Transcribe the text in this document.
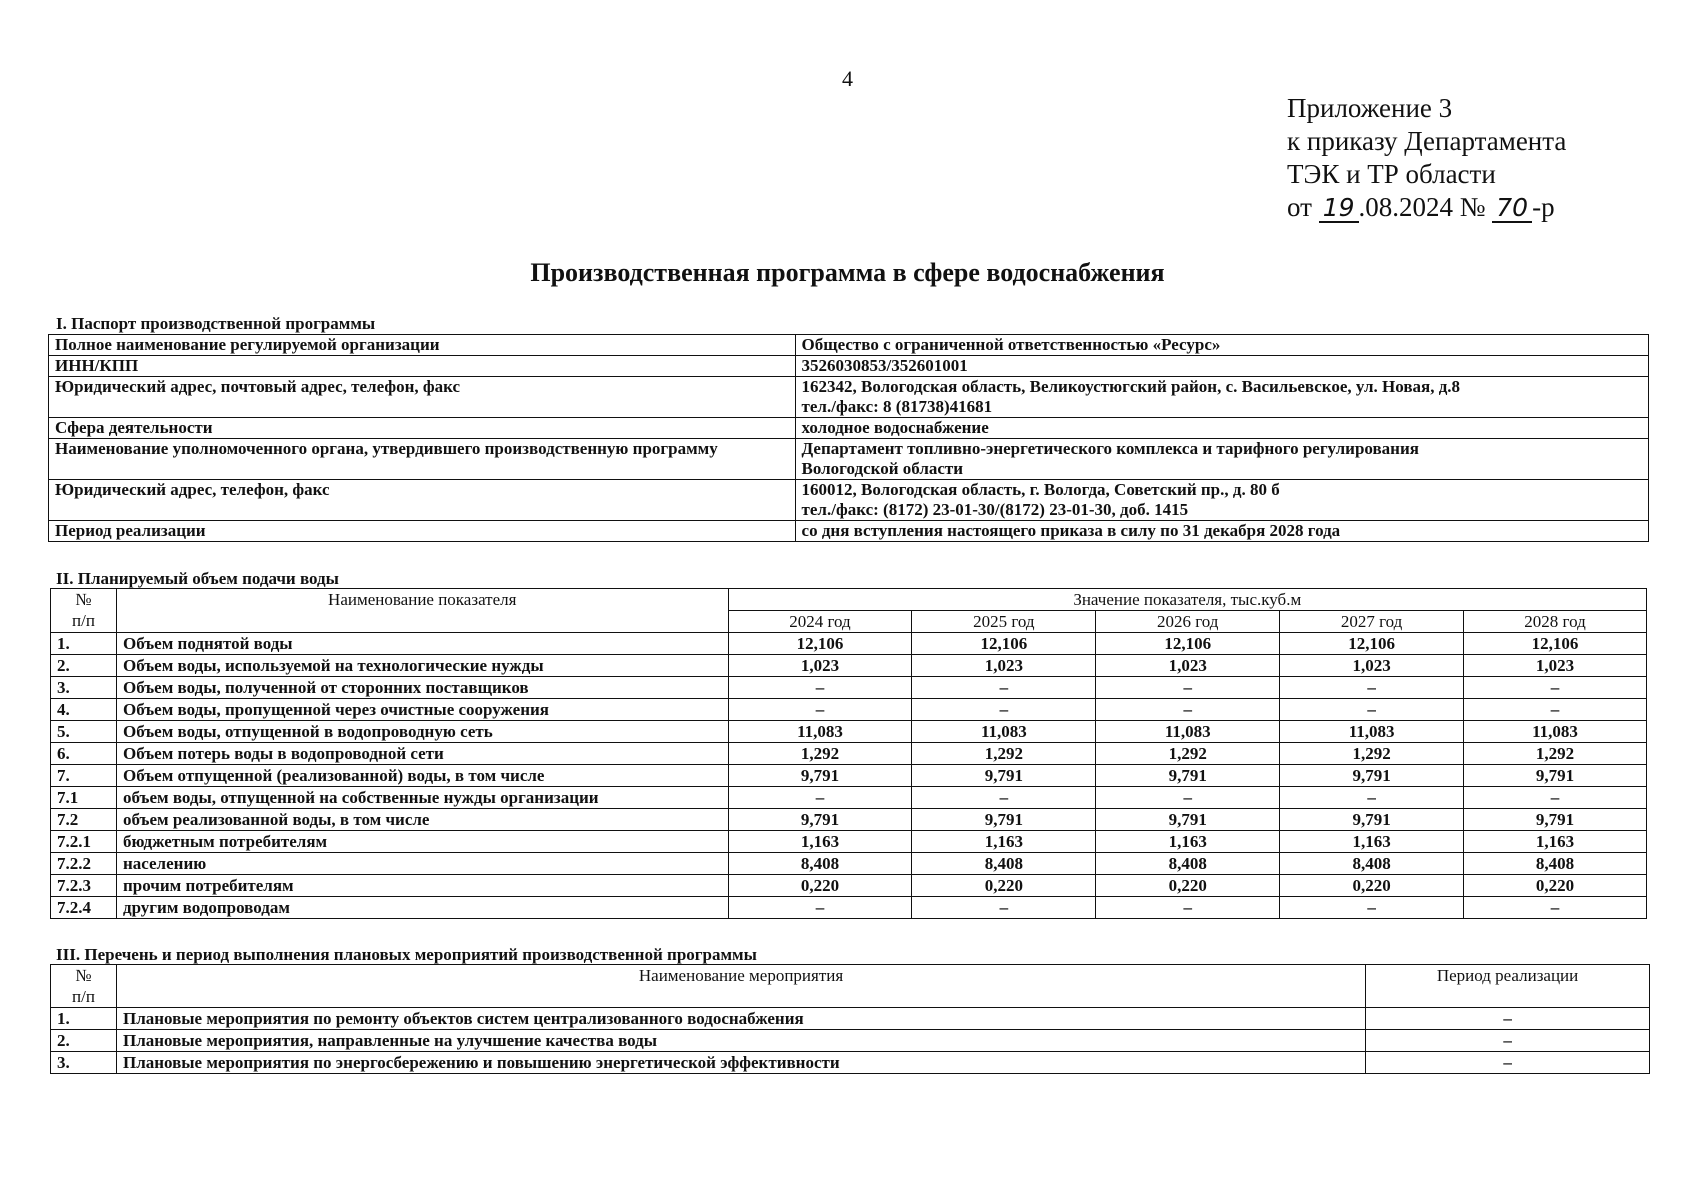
4
Приложение 3
к приказу Департамента
ТЭК и ТР области
от 19 .08.2024 № 70 -р
Производственная программа в сфере водоснабжения
I. Паспорт производственной программы
Полное наименование регулируемой организации	Общество с ограниченной ответственностью «Ресурс»

ИНН/КПП	3526030853/352601001

Юридический адрес, почтовый адрес, телефон, факс	162342, Вологодская область, Великоустюгский район, с. Васильевское, ул. Новая, д.8
тел./факс: 8 (81738)41681

Сфера деятельности	холодное водоснабжение

Наименование уполномоченного органа, утвердившего производственную программу	Департамент топливно-энергетического комплекса и тарифного регулирования
Вологодской области

Юридический адрес, телефон, факс	160012, Вологодская область, г. Вологда, Советский пр., д. 80 б
тел./факс: (8172) 23-01-30/(8172) 23-01-30, доб. 1415

Период реализации	со дня вступления настоящего приказа в силу по 31 декабря 2028 года
II. Планируемый объем подачи воды
№
п/п	Наименование показателя	Значение показателя, тыс.куб.м				
		2024 год	2025 год	2026 год	2027 год	2028 год
1.	Объем поднятой воды	12,106	12,106	12,106	12,106	12,106
2.	Объем воды, используемой на технологические нужды	1,023	1,023	1,023	1,023	1,023
3.	Объем воды, полученной от сторонних поставщиков	–	–	–	–	–
4.	Объем воды, пропущенной через очистные сооружения	–	–	–	–	–
5.	Объем воды, отпущенной в водопроводную сеть	11,083	11,083	11,083	11,083	11,083
6.	Объем потерь воды в водопроводной сети	1,292	1,292	1,292	1,292	1,292
7.	Объем отпущенной (реализованной) воды, в том числе	9,791	9,791	9,791	9,791	9,791
7.1	объем воды, отпущенной на собственные нужды организации	–	–	–	–	–
7.2	объем реализованной воды, в том числе	9,791	9,791	9,791	9,791	9,791
7.2.1	бюджетным потребителям	1,163	1,163	1,163	1,163	1,163
7.2.2	населению	8,408	8,408	8,408	8,408	8,408
7.2.3	прочим потребителям	0,220	0,220	0,220	0,220	0,220
7.2.4	другим водопроводам	–	–	–	–	–
III. Перечень и период выполнения плановых мероприятий производственной программы
№
п/п	Наименование мероприятия	Период реализации
1.	Плановые мероприятия по ремонту объектов систем централизованного водоснабжения	–
2.	Плановые мероприятия, направленные на улучшение качества воды	–
3.	Плановые мероприятия по энергосбережению и повышению энергетической эффективности	–
